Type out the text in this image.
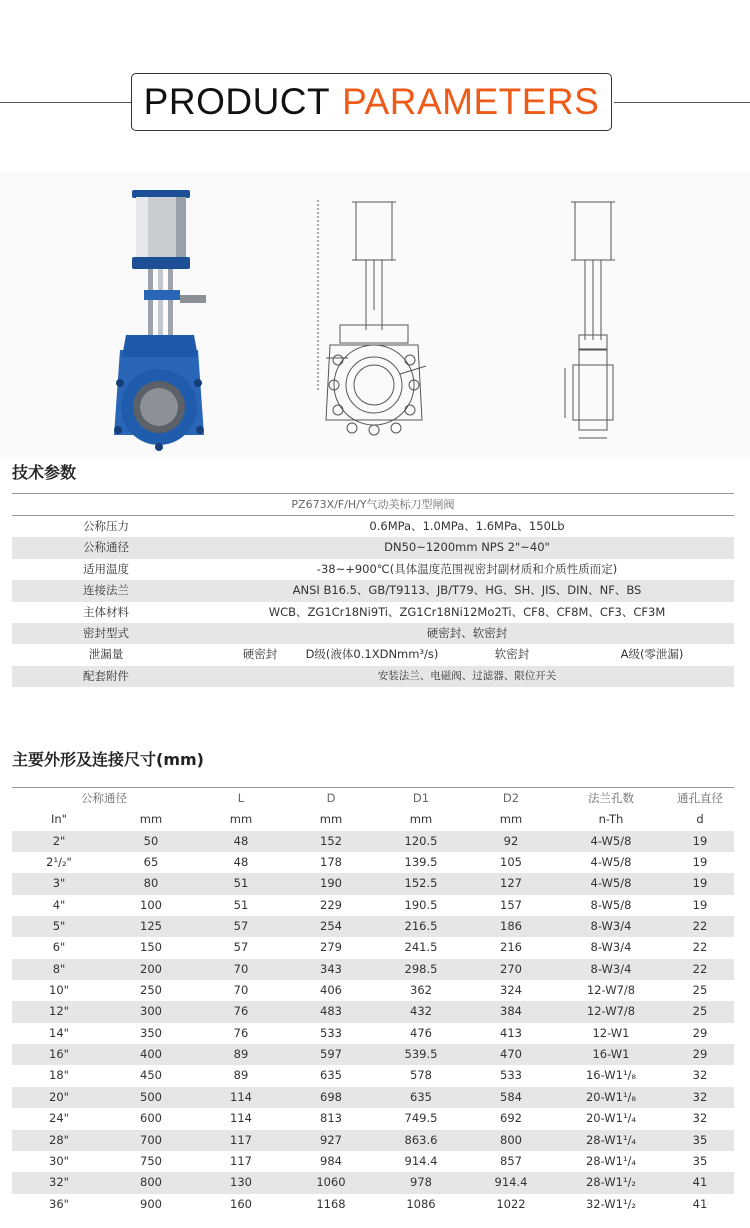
PRODUCT PARAMETERS
技术参数
PZ673X/F/H/Y气动美标刀型闸阀
公称压力	0.6MPa、1.0MPa、1.6MPa、150Lb
公称通径	DN50~1200mm NPS 2"~40"
适用温度	-38~+900℃(具体温度范围视密封副材质和介质性质而定)
连接法兰	ANSI B16.5、GB/T9113、JB/T79、HG、SH、JIS、DIN、NF、BS
主体材料	WCB、ZG1Cr18Ni9Ti、ZG1Cr18Ni12Mo2Ti、CF8、CF8M、CF3、CF3M
密封型式	硬密封、软密封
泄漏量	硬密封	D级(液体0.1XDNmm³/s)	软密封	A级(零泄漏)
配套附件	安装法兰、电磁阀、过滤器、限位开关
主要外形及连接尺寸(mm)
公称通径	L	D	D1	D2	法兰孔数	通孔直径
In"	mm	mm	mm	mm	mm	n-Th	d
2"	50	48	152	120.5	92	4-W5/8	19
2¹/₂"	65	48	178	139.5	105	4-W5/8	19
3"	80	51	190	152.5	127	4-W5/8	19
4"	100	51	229	190.5	157	8-W5/8	19
5"	125	57	254	216.5	186	8-W3/4	22
6"	150	57	279	241.5	216	8-W3/4	22
8"	200	70	343	298.5	270	8-W3/4	22
10"	250	70	406	362	324	12-W7/8	25
12"	300	76	483	432	384	12-W7/8	25
14"	350	76	533	476	413	12-W1	29
16"	400	89	597	539.5	470	16-W1	29
18"	450	89	635	578	533	16-W1¹/₈	32
20"	500	114	698	635	584	20-W1¹/₈	32
24"	600	114	813	749.5	692	20-W1¹/₄	32
28"	700	117	927	863.6	800	28-W1¹/₄	35
30"	750	117	984	914.4	857	28-W1¹/₄	35
32"	800	130	1060	978	914.4	28-W1¹/₂	41
36"	900	160	1168	1086	1022	32-W1¹/₂	41
